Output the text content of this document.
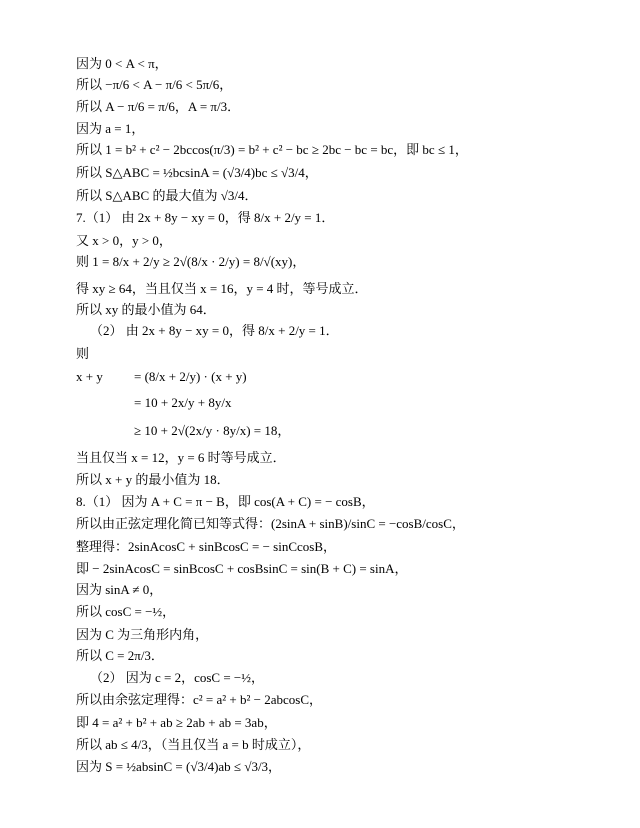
因为 0 < A < π，
所以 −π/6 < A − π/6 < 5π/6，
所以 A − π/6 = π/6，A = π/3．
因为 a = 1，
所以 1 = b² + c² − 2bccos(π/3) = b² + c² − bc ≥ 2bc − bc = bc，即 bc ≤ 1，
所以 S△ABC = ½bcsinA = (√3/4)bc ≤ √3/4，
所以 S△ABC 的最大值为 √3/4．
7.（1） 由 2x + 8y − xy = 0，得 8/x + 2/y = 1．
又 x > 0，y > 0，
则 1 = 8/x + 2/y ≥ 2√(8/x · 2/y) = 8/√(xy)，
得 xy ≥ 64，当且仅当 x = 16，y = 4 时，等号成立．
所以 xy 的最小值为 64．
（2） 由 2x + 8y − xy = 0，得 8/x + 2/y = 1．
则
x + y = (8/x + 2/y) · (x + y)
= 10 + 2x/y + 8y/x
≥ 10 + 2√(2x/y · 8y/x) = 18，
当且仅当 x = 12，y = 6 时等号成立．
所以 x + y 的最小值为 18．
8.（1） 因为 A + C = π − B，即 cos(A + C) = − cosB，
所以由正弦定理化简已知等式得：(2sinA + sinB)/sinC = −cosB/cosC，
整理得：2sinAcosC + sinBcosC = − sinCcosB，
即 − 2sinAcosC = sinBcosC + cosBsinC = sin(B + C) = sinA，
因为 sinA ≠ 0，
所以 cosC = −½，
因为 C 为三角形内角，
所以 C = 2π/3．
（2） 因为 c = 2，cosC = −½，
所以由余弦定理得：c² = a² + b² − 2abcosC，
即 4 = a² + b² + ab ≥ 2ab + ab = 3ab，
所以 ab ≤ 4/3，（当且仅当 a = b 时成立），
因为 S = ½absinC = (√3/4)ab ≤ √3/3，
